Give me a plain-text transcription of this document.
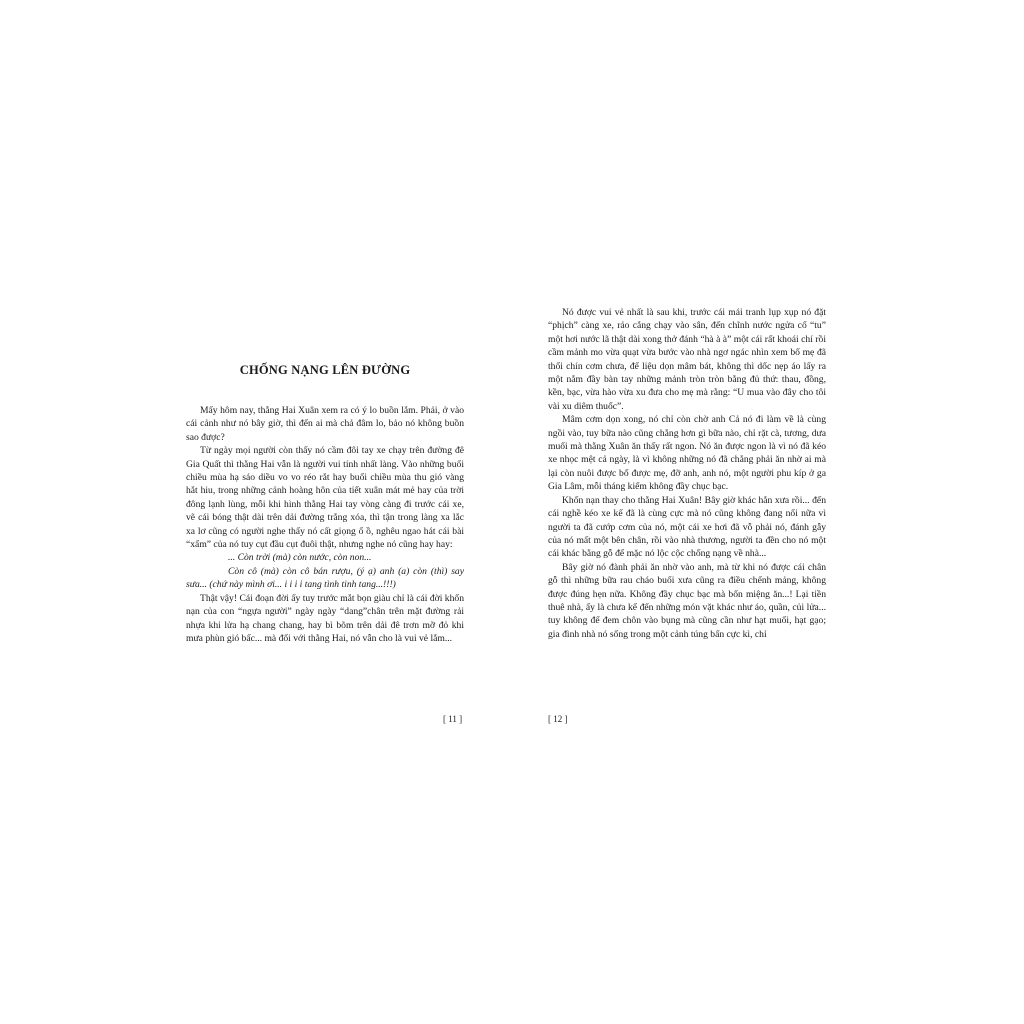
CHỐNG NẠNG LÊN ĐƯỜNG

Mấy hôm nay, thằng Hai Xuân xem ra có ý lo buồn lắm. Phải, ở vào cái cảnh như nó bây giờ, thì đến ai mà chả đâm lo, bảo nó không buồn sao được?

Từ ngày mọi người còn thấy nó cầm đôi tay xe chạy trên đường đê Gia Quất thì thằng Hai vẫn là người vui tính nhất làng. Vào những buổi chiều mùa hạ sáo diều vo vo réo rắt hay buổi chiều mùa thu gió vàng hắt hiu, trong những cảnh hoàng hôn của tiết xuân mát mẻ hay của trời đông lạnh lùng, mỗi khi hình thằng Hai tay vòng càng đi trước cái xe, vẽ cái bóng thật dài trên dải đường trắng xóa, thì tận trong làng xa lắc xa lơ cũng có người nghe thấy nó cất giọng ổ ồ, nghêu ngao hát cái bài “xẩm” của nó tuy cụt đầu cụt đuôi thật, nhưng nghe nó cũng hay hay:

... Còn trời (mà) còn nước, còn non...

Còn cô (mà) còn cô bán rượu, (ý ạ) anh (a) còn (thì) say sưa... (chứ này mình ơi... i i i i tang tình tinh tang...!!!)

Thật vậy! Cái đoạn đời ấy tuy trước mắt bọn giàu chỉ là cái đời khốn nạn của con “ngựa người” ngày ngày “dang”chân trên mặt đường rải nhựa khi lửa hạ chang chang, hay bì bõm trên dải đê trơn mỡ đỏ khi mưa phùn gió bấc... mà đối với thằng Hai, nó vẫn cho là vui vẻ lắm...

[ 11 ]

Nó được vui vẻ nhất là sau khi, trước cái mái tranh lụp xụp nó đặt “phịch” càng xe, rảo cẳng chạy vào sân, đến chĩnh nước ngửa cổ “tu” một hơi nước lã thật dài xong thở đánh “hà à à” một cái rất khoái chí rồi cầm mảnh mo vừa quạt vừa bước vào nhà ngơ ngác nhìn xem bố mẹ đã thổi chín cơm chưa, để liệu dọn mâm bát, không thì dốc nẹp áo lấy ra một nắm đầy bàn tay những mảnh tròn tròn bằng đủ thứ: thau, đồng, kền, bạc, vừa hào vừa xu đưa cho mẹ mà rằng: “U mua vào đây cho tôi vài xu diêm thuốc”.

Mâm cơm dọn xong, nó chỉ còn chờ anh Cả nó đi làm về là cùng ngồi vào, tuy bữa nào cũng chẳng hơn gì bữa nào, chỉ rặt cà, tương, dưa muối mà thằng Xuân ăn thấy rất ngon. Nó ăn được ngon là vì nó đã kéo xe nhọc mệt cả ngày, là vì không những nó đã chẳng phải ăn nhờ ai mà lại còn nuôi được bố được mẹ, đỡ anh, anh nó, một người phu kíp ở ga Gia Lâm, mỗi tháng kiếm không đầy chục bạc.

Khốn nạn thay cho thằng Hai Xuân! Bây giờ khác hẳn xưa rồi... đến cái nghề kéo xe kể đã là cùng cực mà nó cũng không đang nổi nữa vì người ta đã cướp cơm của nó, một cái xe hơi đã vỗ phải nó, đánh gẫy của nó mất một bên chân, rồi vào nhà thương, người ta đền cho nó một cái khác bằng gỗ để mặc nó lộc cộc chống nạng về nhà...

Bây giờ nó đành phải ăn nhờ vào anh, mà từ khi nó được cái chân gỗ thì những bữa rau cháo buổi xưa cũng ra điều chểnh mảng, không được đúng hẹn nữa. Không đầy chục bạc mà bốn miệng ăn...! Lại tiền thuê nhà, ấy là chưa kể đến những món vặt khác như áo, quần, củi lửa... tuy không để đem chôn vào bụng mà cũng cần như hạt muối, hạt gạo; gia đình nhà nó sống trong một cảnh túng bấn cực kì, chỉ

[ 12 ]
